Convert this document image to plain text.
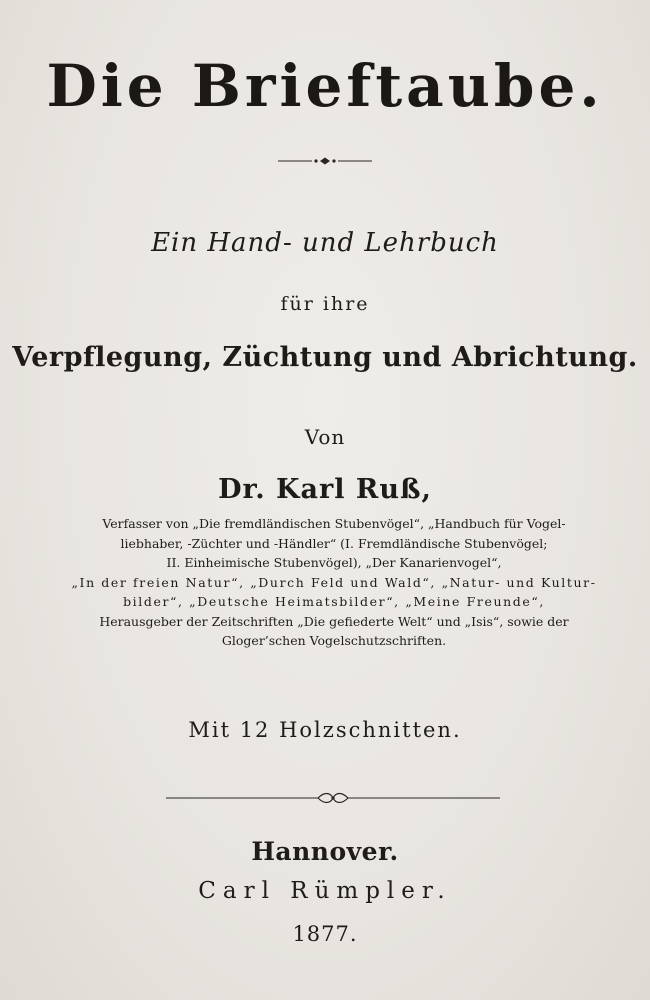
Die Brieftaube.
Ein Hand- und Lehrbuch
für ihre
Verpflegung, Züchtung und Abrichtung.
Von
Dr. Karl Ruß,
Verfasser von „Die fremdländischen Stubenvögel“, „Handbuch für Vogel-
liebhaber, -Züchter und -Händler“ (I. Fremdländische Stubenvögel;
II. Einheimische Stubenvögel), „Der Kanarienvogel“,
„In der freien Natur“, „Durch Feld und Wald“, „Natur- und Kultur-
bilder“, „Deutsche Heimatsbilder“, „Meine Freunde“,
Herausgeber der Zeitschriften „Die gefiederte Welt“ und „Isis“, sowie der
Gloger’schen Vogelschutzschriften.
Mit 12 Holzschnitten.
Hannover.
Carl Rümpler.
1877.
